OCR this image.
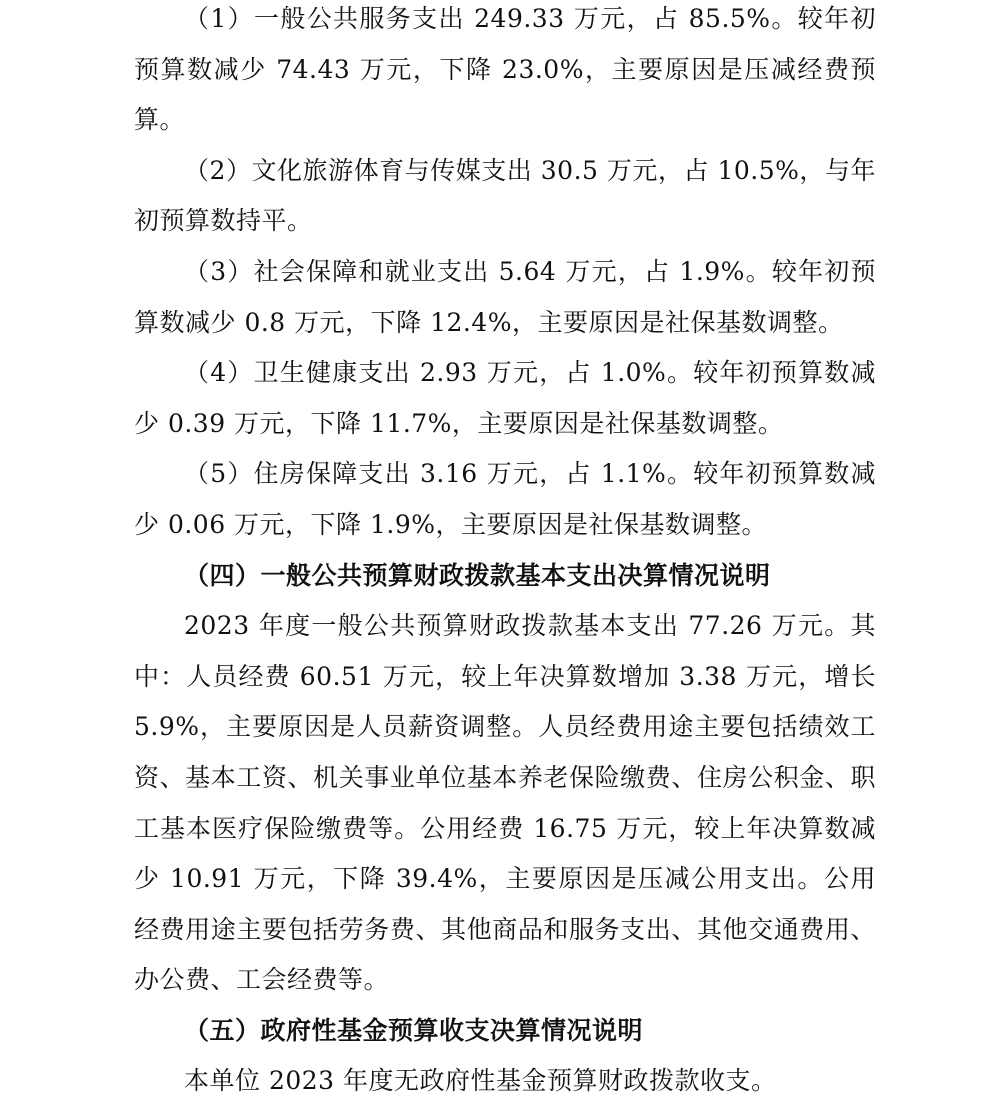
（1）一般公共服务支出 249.33 万元，占 85.5%。较年初预算数减少 74.43 万元，下降 23.0%，主要原因是压减经费预算。

（2）文化旅游体育与传媒支出 30.5 万元，占 10.5%，与年初预算数持平。

（3）社会保障和就业支出 5.64 万元，占 1.9%。较年初预算数减少 0.8 万元，下降 12.4%，主要原因是社保基数调整。

（4）卫生健康支出 2.93 万元，占 1.0%。较年初预算数减少 0.39 万元，下降 11.7%，主要原因是社保基数调整。

（5）住房保障支出 3.16 万元，占 1.1%。较年初预算数减少 0.06 万元，下降 1.9%，主要原因是社保基数调整。

（四）一般公共预算财政拨款基本支出决算情况说明

2023 年度一般公共预算财政拨款基本支出 77.26 万元。其中：人员经费 60.51 万元，较上年决算数增加 3.38 万元，增长5.9%，主要原因是人员薪资调整。人员经费用途主要包括绩效工资、基本工资、机关事业单位基本养老保险缴费、住房公积金、职工基本医疗保险缴费等。公用经费 16.75 万元，较上年决算数减少 10.91 万元，下降 39.4%，主要原因是压减公用支出。公用经费用途主要包括劳务费、其他商品和服务支出、其他交通费用、办公费、工会经费等。

（五）政府性基金预算收支决算情况说明

本单位 2023 年度无政府性基金预算财政拨款收支。
